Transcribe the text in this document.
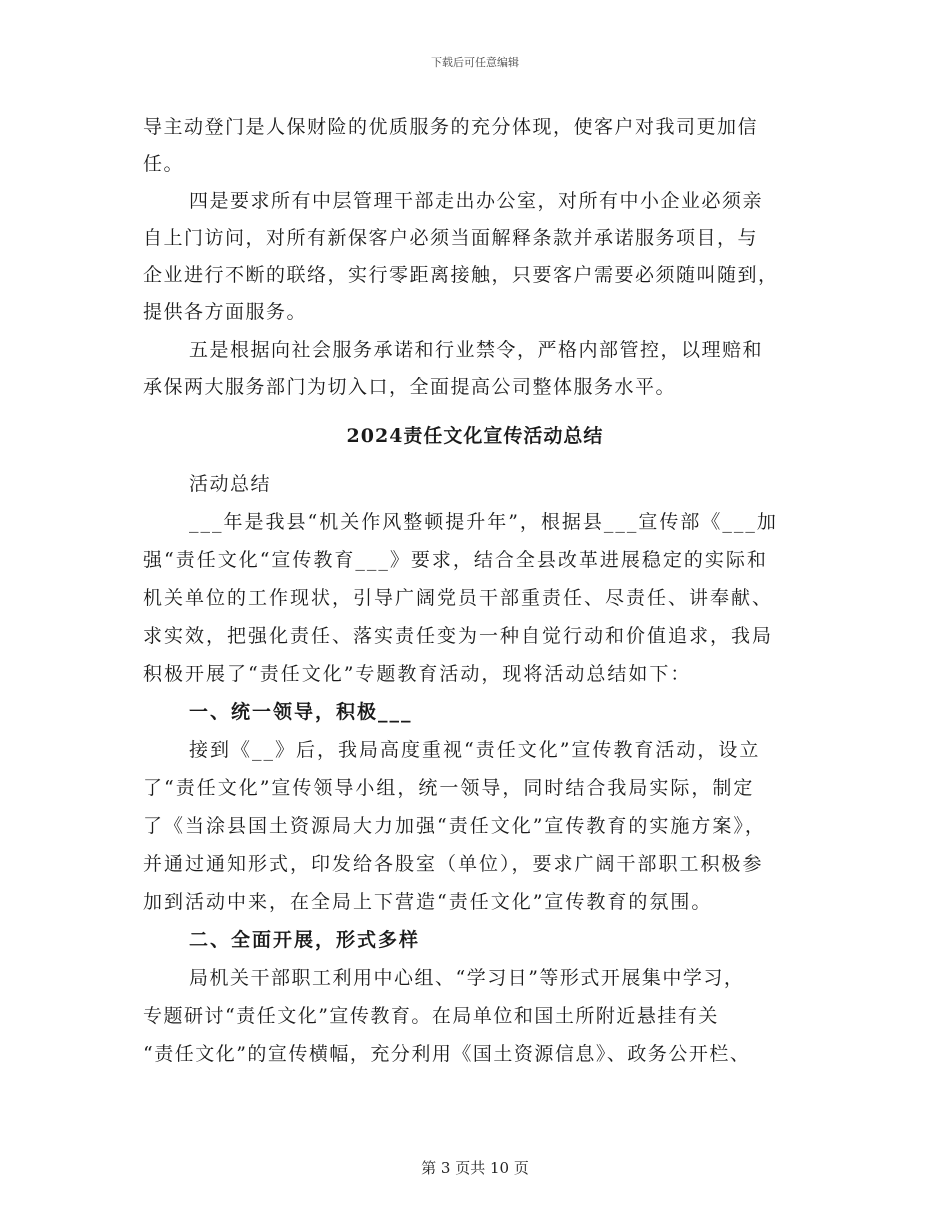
下载后可任意编辑
导主动登门是人保财险的优质服务的充分体现，使客户对我司更加信
任。
四是要求所有中层管理干部走出办公室，对所有中小企业必须亲
自上门访问，对所有新保客户必须当面解释条款并承诺服务项目，与
企业进行不断的联络，实行零距离接触，只要客户需要必须随叫随到，
提供各方面服务。
五是根据向社会服务承诺和行业禁令，严格内部管控，以理赔和
承保两大服务部门为切入口，全面提高公司整体服务水平。
2024责任文化宣传活动总结
活动总结
___年是我县“机关作风整顿提升年”，根据县___宣传部《___加
强“责任文化“宣传教育___》要求，结合全县改革进展稳定的实际和
机关单位的工作现状，引导广阔党员干部重责任、尽责任、讲奉献、
求实效，把强化责任、落实责任变为一种自觉行动和价值追求，我局
积极开展了“责任文化”专题教育活动，现将活动总结如下：
一、统一领导，积极___
接到《__》后，我局高度重视“责任文化”宣传教育活动，设立
了“责任文化”宣传领导小组，统一领导，同时结合我局实际，制定
了《当涂县国土资源局大力加强“责任文化”宣传教育的实施方案》，
并通过通知形式，印发给各股室（单位），要求广阔干部职工积极参
加到活动中来，在全局上下营造“责任文化”宣传教育的氛围。
二、全面开展，形式多样
局机关干部职工利用中心组、“学习日”等形式开展集中学习，
专题研讨“责任文化”宣传教育。在局单位和国土所附近悬挂有关
“责任文化”的宣传横幅，充分利用《国土资源信息》、政务公开栏、
第 3 页共 10 页
